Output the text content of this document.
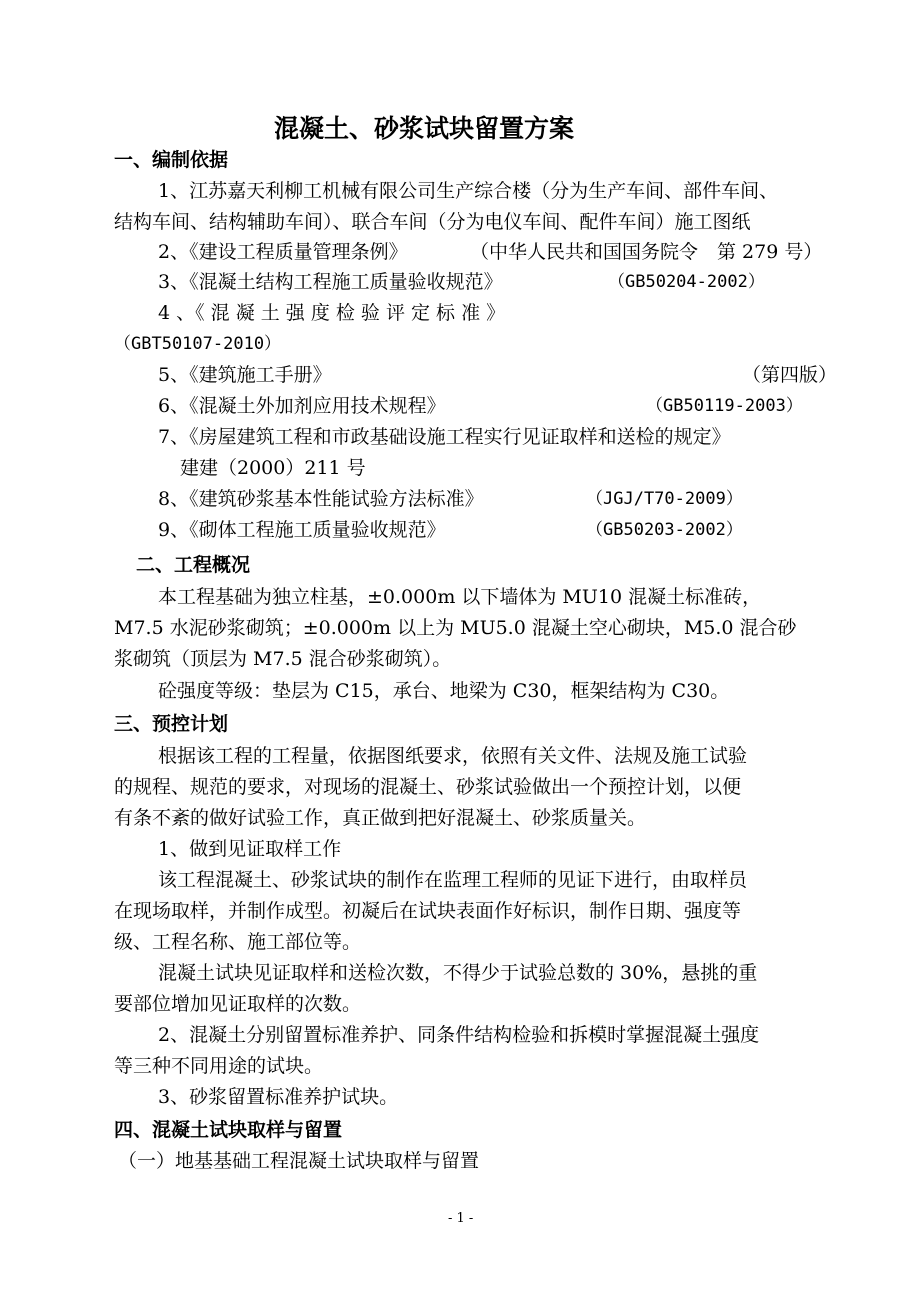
混凝土、砂浆试块留置方案
一、编制依据
1、江苏嘉天利柳工机械有限公司生产综合楼（分为生产车间、部件车间、
结构车间、结构辅助车间）、联合车间（分为电仪车间、配件车间）施工图纸
2、《建设工程质量管理条例》	（中华人民共和国国务院令　第 279 号）
3、《混凝土结构工程施工质量验收规范》	（GB50204-2002）
4 、《 混 凝 土 强 度 检 验 评 定 标 准 》
（GBT50107-2010）
5、《建筑施工手册》	（第四版）
6、《混凝土外加剂应用技术规程》	（GB50119-2003）
7、《房屋建筑工程和市政基础设施工程实行见证取样和送检的规定》
建建（2000）211 号
8、《建筑砂浆基本性能试验方法标准》	（JGJ/T70-2009）
9、《砌体工程施工质量验收规范》	（GB50203-2002）
二、工程概况
本工程基础为独立柱基，±0.000m 以下墙体为 MU10 混凝土标准砖，
M7.5 水泥砂浆砌筑；±0.000m 以上为 MU5.0 混凝土空心砌块，M5.0 混合砂
浆砌筑（顶层为 M7.5 混合砂浆砌筑）。
砼强度等级：垫层为 C15，承台、地梁为 C30，框架结构为 C30。
三、预控计划
根据该工程的工程量，依据图纸要求，依照有关文件、法规及施工试验
的规程、规范的要求，对现场的混凝土、砂浆试验做出一个预控计划，以便
有条不紊的做好试验工作，真正做到把好混凝土、砂浆质量关。
1、做到见证取样工作
该工程混凝土、砂浆试块的制作在监理工程师的见证下进行，由取样员
在现场取样，并制作成型。初凝后在试块表面作好标识，制作日期、强度等
级、工程名称、施工部位等。
混凝土试块见证取样和送检次数，不得少于试验总数的 30%，悬挑的重
要部位增加见证取样的次数。
2、混凝土分别留置标准养护、同条件结构检验和拆模时掌握混凝土强度
等三种不同用途的试块。
3、砂浆留置标准养护试块。
四、混凝土试块取样与留置
（一）地基基础工程混凝土试块取样与留置
- 1 -
